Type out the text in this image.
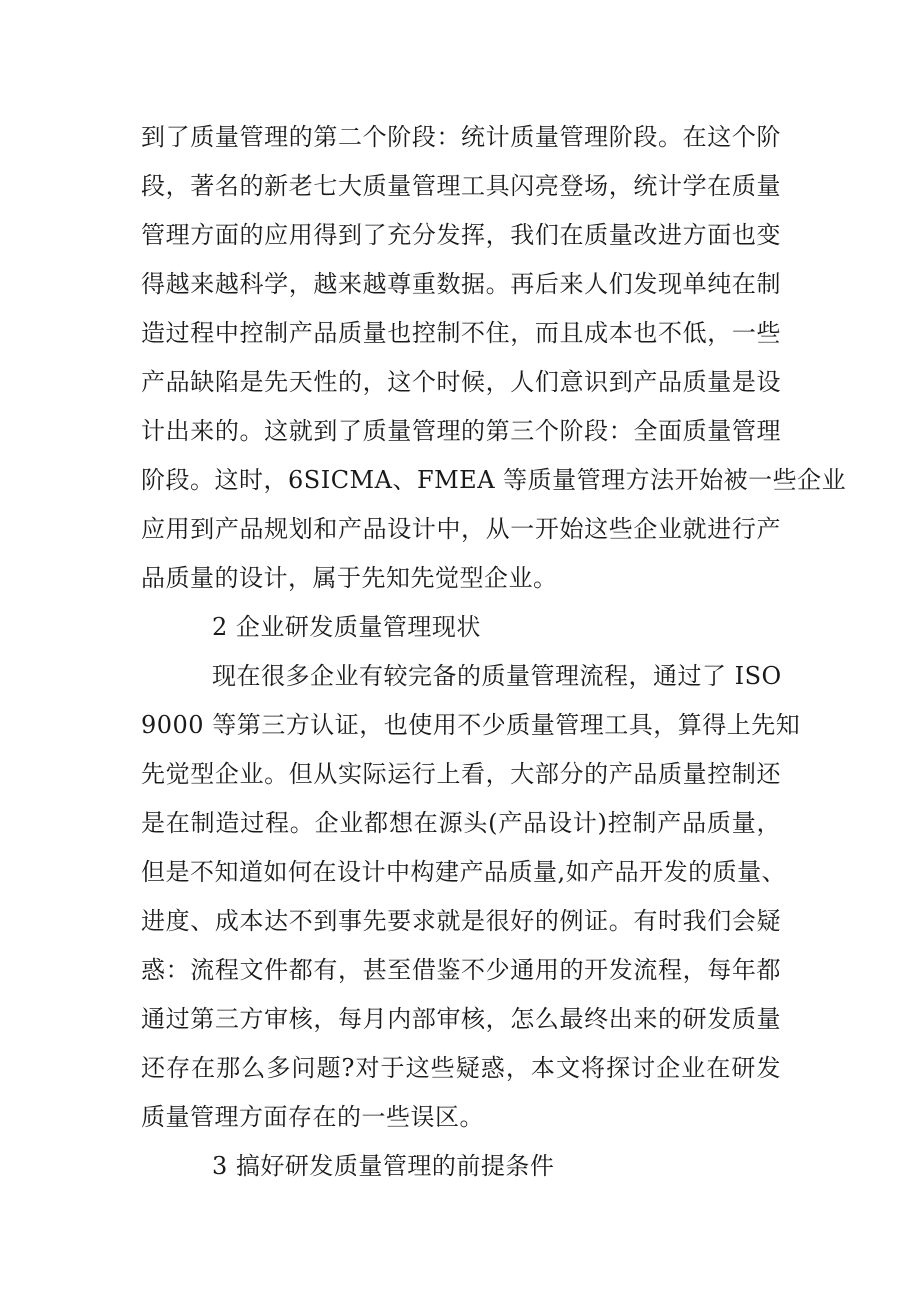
到了质量管理的第二个阶段：统计质量管理阶段。在这个阶
段，著名的新老七大质量管理工具闪亮登场，统计学在质量
管理方面的应用得到了充分发挥，我们在质量改进方面也变
得越来越科学，越来越尊重数据。再后来人们发现单纯在制
造过程中控制产品质量也控制不住，而且成本也不低，一些
产品缺陷是先天性的，这个时候，人们意识到产品质量是设
计出来的。这就到了质量管理的第三个阶段：全面质量管理
阶段。这时，6SICMA、FMEA 等质量管理方法开始被一些企业
应用到产品规划和产品设计中，从一开始这些企业就进行产
品质量的设计，属于先知先觉型企业。
2 企业研发质量管理现状
现在很多企业有较完备的质量管理流程，通过了 ISO
9000 等第三方认证，也使用不少质量管理工具，算得上先知
先觉型企业。但从实际运行上看，大部分的产品质量控制还
是在制造过程。企业都想在源头(产品设计)控制产品质量，
但是不知道如何在设计中构建产品质量,如产品开发的质量、
进度、成本达不到事先要求就是很好的例证。有时我们会疑
惑：流程文件都有，甚至借鉴不少通用的开发流程，每年都
通过第三方审核，每月内部审核，怎么最终出来的研发质量
还存在那么多问题?对于这些疑惑，本文将探讨企业在研发
质量管理方面存在的一些误区。
3 搞好研发质量管理的前提条件
